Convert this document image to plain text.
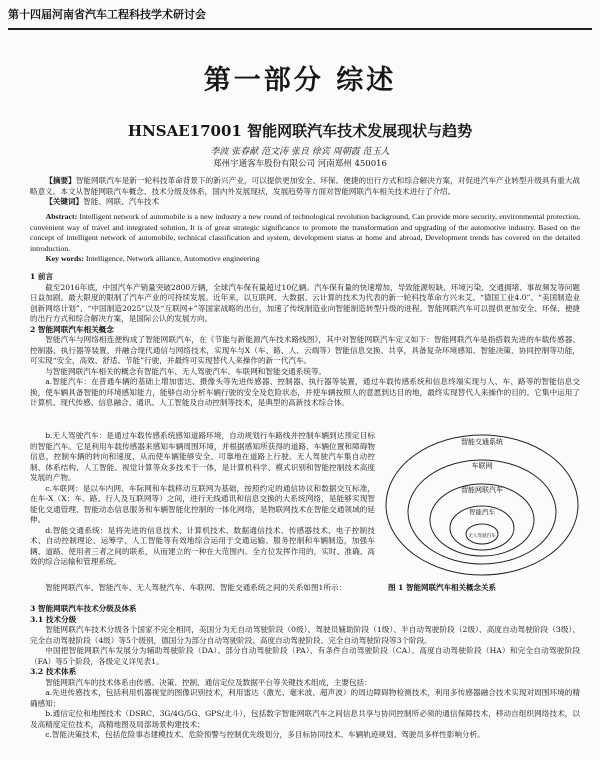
第十四届河南省汽车工程科技学术研讨会
第一部分 综述
HNSAE17001 智能网联汽车技术发展现状与趋势
李波 张春献 范文涛 张良 徐宾 周朝霞 范玉人
郑州宇通客车股份有限公司 河南郑州 450016

【摘要】智能网联汽车是新一轮科技革命背景下的新兴产业，可以提供更加安全、环保、便捷的出行方式和综合解决方案，对促进汽车产业转型升级具有重大战略意义。本文从智能网联汽车概念、技术分级及体系，国内外发展现状，发展趋势等方面对智能网联汽车相关技术进行了介绍。

【关键词】智能、网联、汽车技术

Abstract: Intelligent network of automobile is a new industry a new round of technological revolution background, Can provide more security, environmental protection, convenient way of travel and integrated solution, It is of great strategic significance to promote the transformation and upgrading of the automotive industry. Based on the concept of intelligent network of automobile, technical classification and system, development status at home and abroad, Development trends has covered on the detailed introduction.

Key words: Intelligence, Network alliance, Automotive engineering

1 前言

截至2016年底，中国汽车产销量突破2800万辆，全球汽车保有量超过10亿辆。汽车保有量的快速增加，导致能源短缺、环境污染、交通拥堵、事故频发等问题日益加剧。最大限度的限制了汽车产业的可持续发展。近年来，以互联网、大数据、云计算的技术为代表的新一轮科技革命方兴未艾。“德国工业4.0”、“美国制造业创新网络计划”、“中国制造2025”以及“互联网+”等国家战略的出台，加速了传统制造业向智能制造转型升级的进程。智能网联汽车可以提供更加安全、环保、便捷的出行方式和综合解决方案，是国际公认的发展方向。

2 智能网联汽车相关概念

智能汽车与网络相连便构成了智能网联汽车，在《节能与新能源汽车技术路线图》，其中对智能网联汽车定义如下：智能网联汽车是指搭载先进的车载传感器、控制器、执行器等装置，并融合现代通信与网络技术，实现车与X（车、路、人、云端等）智能信息交换、共享，具备复杂环境感知、智能决策、协同控制等功能，可实现“安全、高效、舒适、节能”行驶，并最终可实现替代人来操作的新一代汽车。

与智能网联汽车相关的概念有智能汽车、无人驾驶汽车、车联网和智能交通系统等。

a.智能汽车：在普通车辆的基础上增加雷达、摄像头等先进传感器、控制器、执行器等装置，通过车载传感系统和信息终端实现与人、车、路等的智能信息交换，使车辆具备智能的环境感知能力，能够自动分析车辆行驶的安全及危险状态，并使车辆按照人的意愿到达目的地，最终实现替代人来操作的目的。它集中运用了计算机、现代传感、信息融合、通讯、人工智能及自动控制等技术，是典型的高新技术综合体。

b.无人驾驶汽车：是通过车载传感系统感知道路环境，自动规划行车路线并控制车辆到达预定目标的智能汽车。它是利用车载传感器来感知车辆周围环境，并根据感知所获得的道路、车辆位置和障碍物信息，控制车辆的转向和速度，从而使车辆能够安全、可靠地在道路上行驶。无人驾驶汽车集自动控制、体系结构、人工智能、视觉计算等众多技术于一体，是计算机科学、模式识别和智能控制技术高度发展的产物。

c.车联网：是以车内网、车际网和车载移动互联网为基础，按照约定的通信协议和数据交互标准，在车-X（X：车、路、行人及互联网等）之间，进行无线通讯和信息交换的大系统网络，是能够实现智能化交通管理、智能动态信息服务和车辆智能化控制的一体化网络，是物联网技术在智能交通领域的延伸。

d.智能交通系统：是将先进的信息技术、计算机技术、数据通信技术、传感器技术、电子控制技术、自动控制理论、运筹学、人工智能等有效地综合运用于交通运输、服务控制和车辆制造，加强车辆、道路、使用者三者之间的联系，从而建立的一种在大范围内、全方位发挥作用的，实时、准确、高效的综合运输和管理系统。

智能交通系统
车联网
智能网联汽车
智能汽车
无人驾驶汽车
图 1 智能网联汽车相关概念关系

智能网联汽车、智能汽车、无人驾驶汽车、车联网、智能交通系统之间的关系如图1所示：

3 智能网联汽车技术分级及体系

3.1 技术分级

智能网联汽车技术分级各个国家不完全相同，美国分为无自动驾驶阶段（0级）、驾驶员辅助阶段（1级）、半自动驾驶阶段（2级）、高度自动驾驶阶段（3级）、完全自动驾驶阶段（4级）等5个级别，德国分为部分自动驾驶阶段、高度自动驾驶阶段、完全自动驾驶阶段等3个阶段。

中国把智能网联汽车发展分为辅助驾驶阶段（DA）、部分自动驾驶阶段（PA）、有条件自动驾驶阶段（CA）、高度自动驾驶阶段（HA）和完全自动驾驶阶段（FA）等5个阶段，各级定义详见表1。

3.2 技术体系

智能网联汽车的技术体系由传感、决策、控制、通信定位及数据平台等关键技术组成，主要包括：

a.先进传感技术，包括利用机器视觉的图像识别技术，利用雷达（激光、毫米波、超声波）的周边障碍物检测技术，利用多传感器融合技术实现对周围环境的精确感知；

b.通信定位和地图技术（DSRC、3G/4G/5G、GPS/北斗），包括数字智能网联汽车之间信息共享与协同控制所必须的通信保障技术，移动自组织网络技术，以及高精度定位技术，高精地图及局部场景构建技术；

c.智能决策技术，包括危险事态建模技术、危险预警与控制优先级划分，多目标协同技术、车辆轨迹规划、驾驶员多样性影响分析。
